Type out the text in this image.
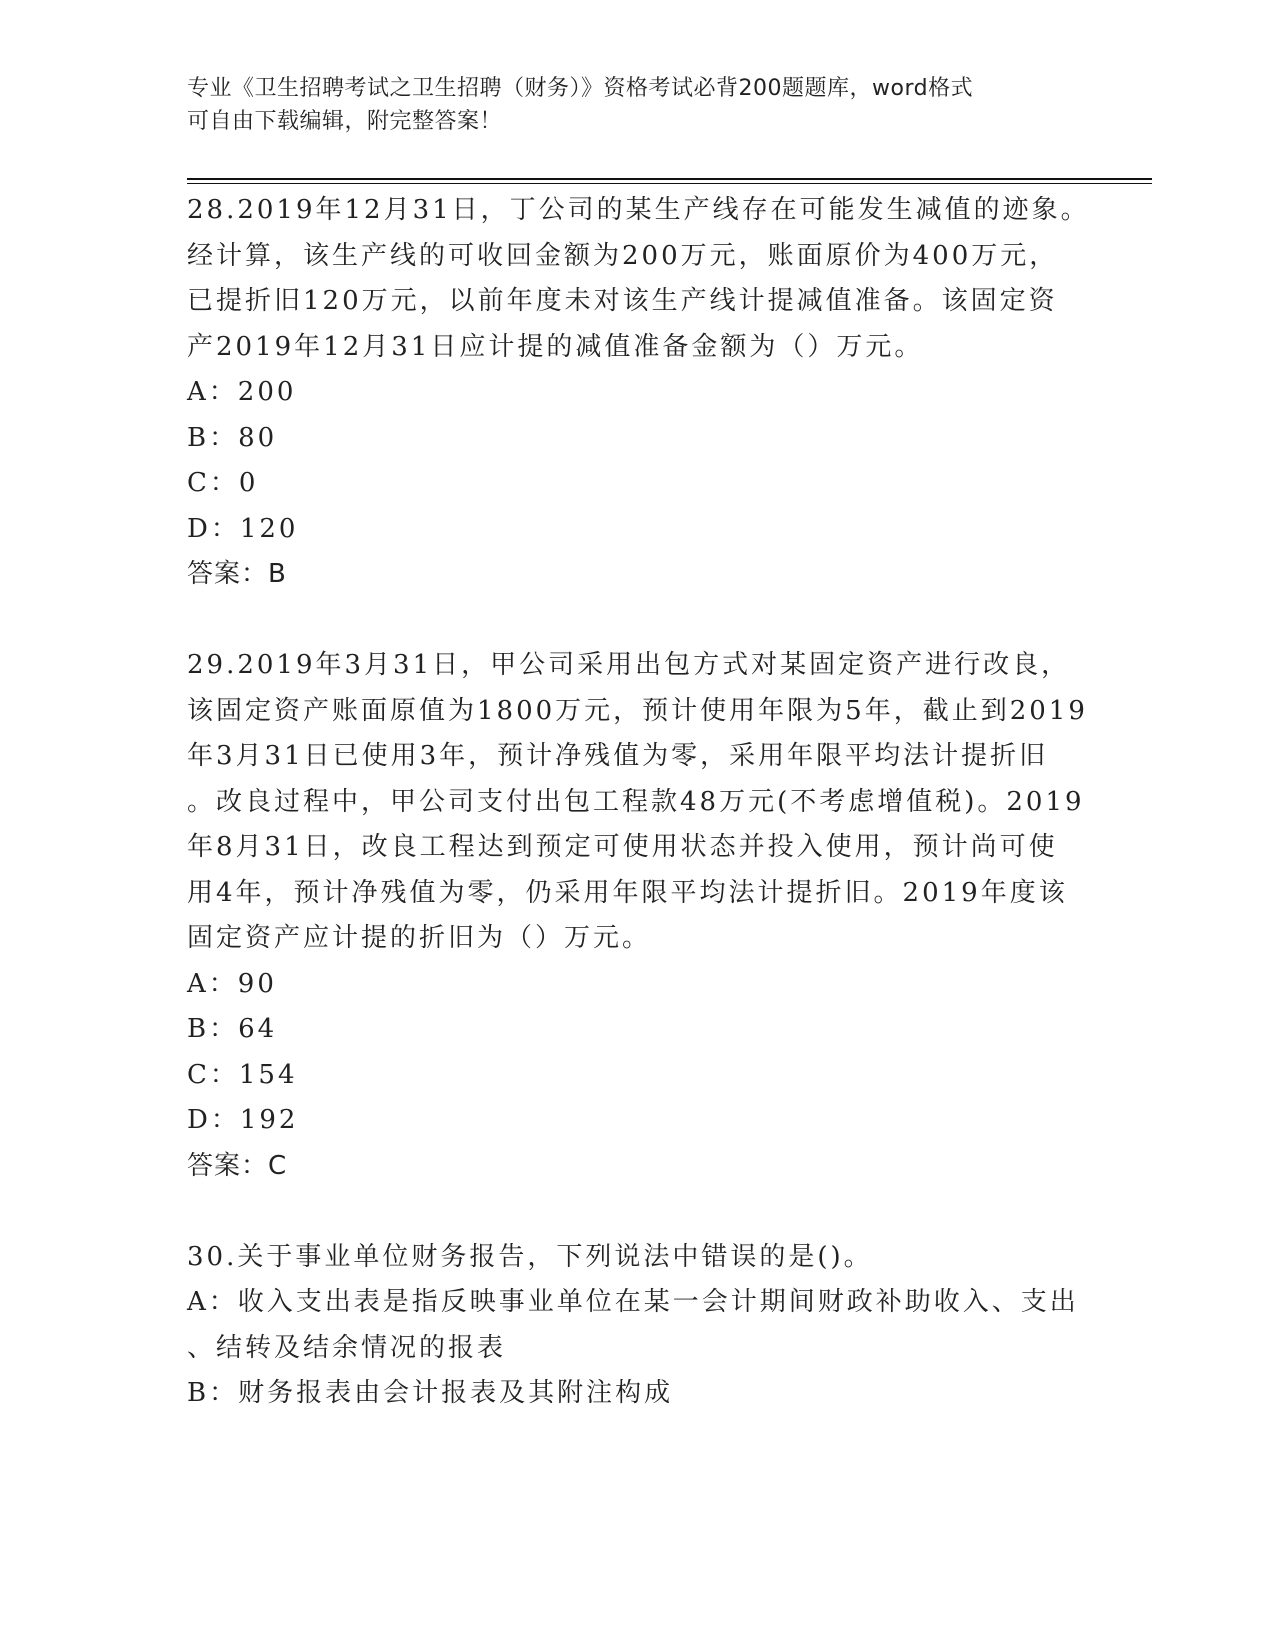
专业《卫生招聘考试之卫生招聘（财务）》资格考试必背200题题库，word格式
可自由下载编辑，附完整答案！
28.2019年12月31日，丁公司的某生产线存在可能发生减值的迹象。
经计算，该生产线的可收回金额为200万元，账面原价为400万元，
已提折旧120万元，以前年度未对该生产线计提减值准备。该固定资
产2019年12月31日应计提的减值准备金额为（）万元。
A：200
B：80
C：0
D：120
答案：B
29.2019年3月31日，甲公司采用出包方式对某固定资产进行改良，
该固定资产账面原值为1800万元，预计使用年限为5年，截止到2019
年3月31日已使用3年，预计净残值为零，采用年限平均法计提折旧
。改良过程中，甲公司支付出包工程款48万元(不考虑增值税)。2019
年8月31日，改良工程达到预定可使用状态并投入使用，预计尚可使
用4年，预计净残值为零，仍采用年限平均法计提折旧。2019年度该
固定资产应计提的折旧为（）万元。
A：90
B：64
C：154
D：192
答案：C
30.关于事业单位财务报告，下列说法中错误的是()。
A：收入支出表是指反映事业单位在某一会计期间财政补助收入、支出
、结转及结余情况的报表
B：财务报表由会计报表及其附注构成
